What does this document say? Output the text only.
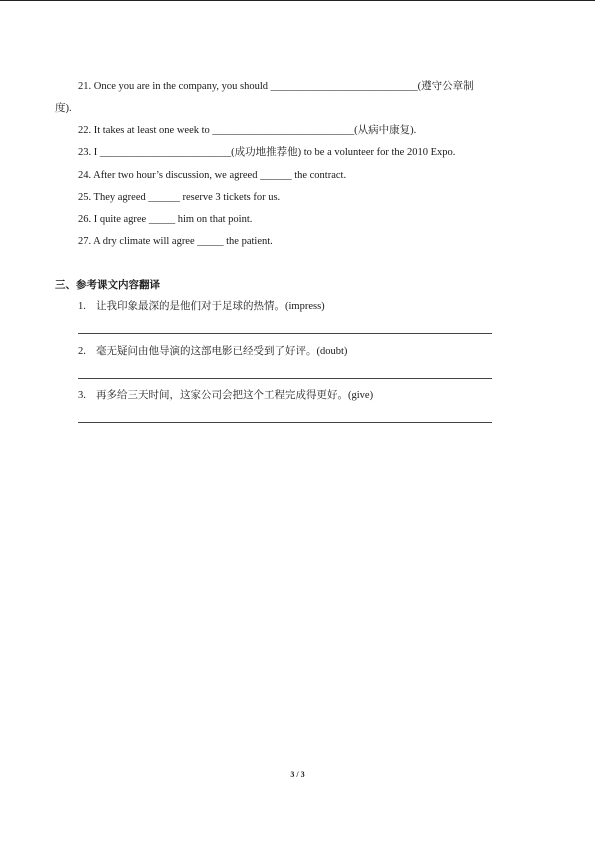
21. Once you are in the company, you should ____________________________(遵守公章制
度).
22. It takes at least one week to ___________________________(从病中康复).
23. I _________________________(成功地推荐他) to be a volunteer for the 2010 Expo.
24. After two hour’s discussion, we agreed ______ the contract.
25. They agreed ______ reserve 3 tickets for us.
26. I quite agree _____ him on that point.
27. A dry climate will agree _____ the patient.
三、参考课文内容翻译
1. 让我印象最深的是他们对于足球的热情。(impress)
2. 毫无疑问由他导演的这部电影已经受到了好评。(doubt)
3. 再多给三天时间，这家公司会把这个工程完成得更好。(give)
3 / 3
